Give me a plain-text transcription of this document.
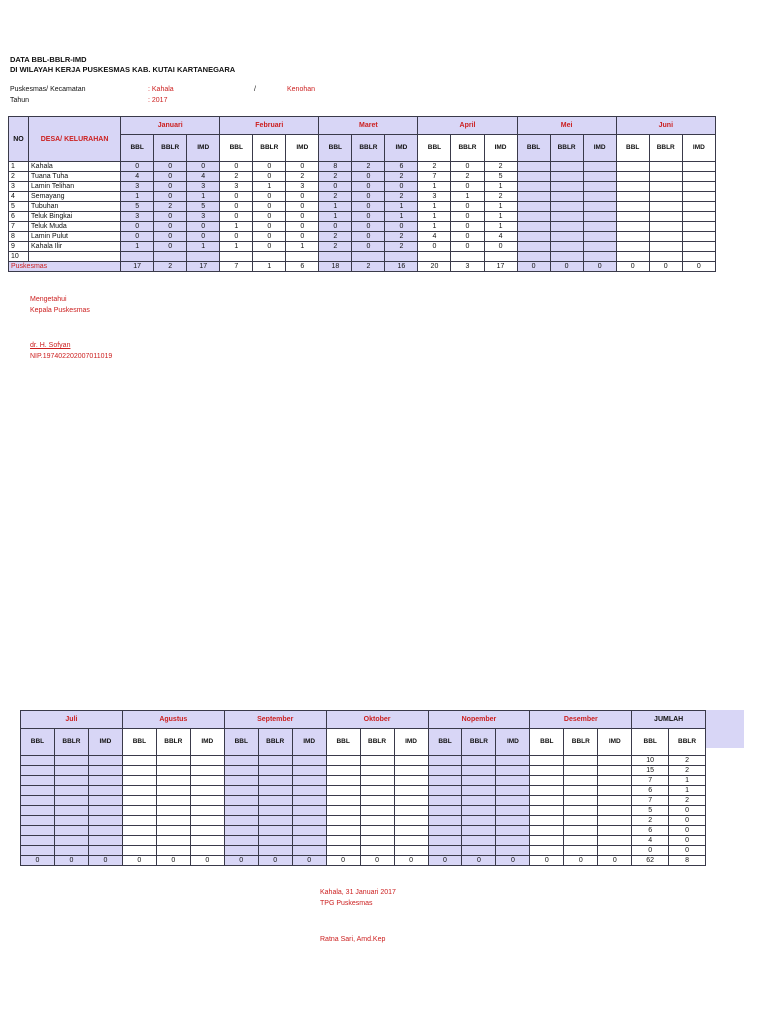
DATA BBL-BBLR-IMD
DI WILAYAH KERJA PUSKESMAS KAB. KUTAI KARTANEGARA
Puskesmas/ Kecamatan	: Kahala	/	Kenohan
Tahun	: 2017
NO	DESA/ KELURAHAN	Januari			Februari			Maret			April			Mei			Juni		
		BBL	BBLR	IMD	BBL	BBLR	IMD	BBL	BBLR	IMD	BBL	BBLR	IMD	BBL	BBLR	IMD	BBL	BBLR	IMD
1	Kahala	0	0	0	0	0	0	8	2	6	2	0	2						
2	Tuana Tuha	4	0	4	2	0	2	2	0	2	7	2	5						
3	Lamin Telihan	3	0	3	3	1	3	0	0	0	1	0	1						
4	Semayang	1	0	1	0	0	0	2	0	2	3	1	2						
5	Tubuhan	5	2	5	0	0	0	1	0	1	1	0	1						
6	Teluk Bingkai	3	0	3	0	0	0	1	0	1	1	0	1						
7	Teluk Muda	0	0	0	1	0	0	0	0	0	1	0	1						
8	Lamin Pulut	0	0	0	0	0	0	2	0	2	4	0	4						
9	Kahala Ilir	1	0	1	1	0	1	2	0	2	0	0	0						
10																			
Puskesmas		17	2	17	7	1	6	18	2	16	20	3	17	0	0	0	0	0	0
Mengetahui
Kepala Puskesmas
dr. H. Sofyan
NIP.197402202007011019
Juli			Agustus			September			Oktober			Nopember			Desember			JUMLAH	
BBL	BBLR	IMD	BBL	BBLR	IMD	BBL	BBLR	IMD	BBL	BBLR	IMD	BBL	BBLR	IMD	BBL	BBLR	IMD	BBL	BBLR
																		10	2
																		15	2
																		7	1
																		6	1
																		7	2
																		5	0
																		2	0
																		6	0
																		4	0
																		0	0
0	0	0	0	0	0	0	0	0	0	0	0	0	0	0	0	0	0	62	8
Kahala, 31 Januari 2017
TPG Puskesmas
Ratna Sari, Amd.Kep
